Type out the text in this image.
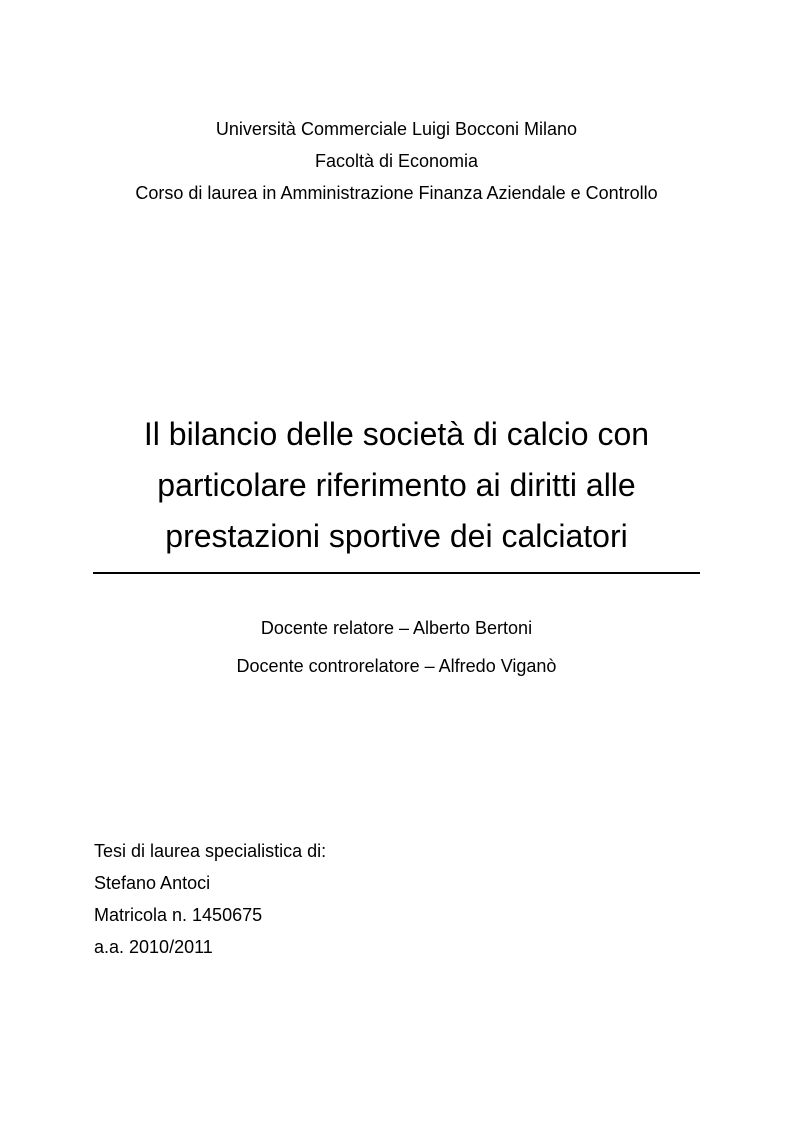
Università Commerciale Luigi Bocconi Milano
Facoltà di Economia
Corso di laurea in Amministrazione Finanza Aziendale e Controllo
Il bilancio delle società di calcio con
particolare riferimento ai diritti alle
prestazioni sportive dei calciatori
Docente relatore – Alberto Bertoni
Docente controrelatore – Alfredo Viganò
Tesi di laurea specialistica di:
Stefano Antoci
Matricola n. 1450675
a.a. 2010/2011
